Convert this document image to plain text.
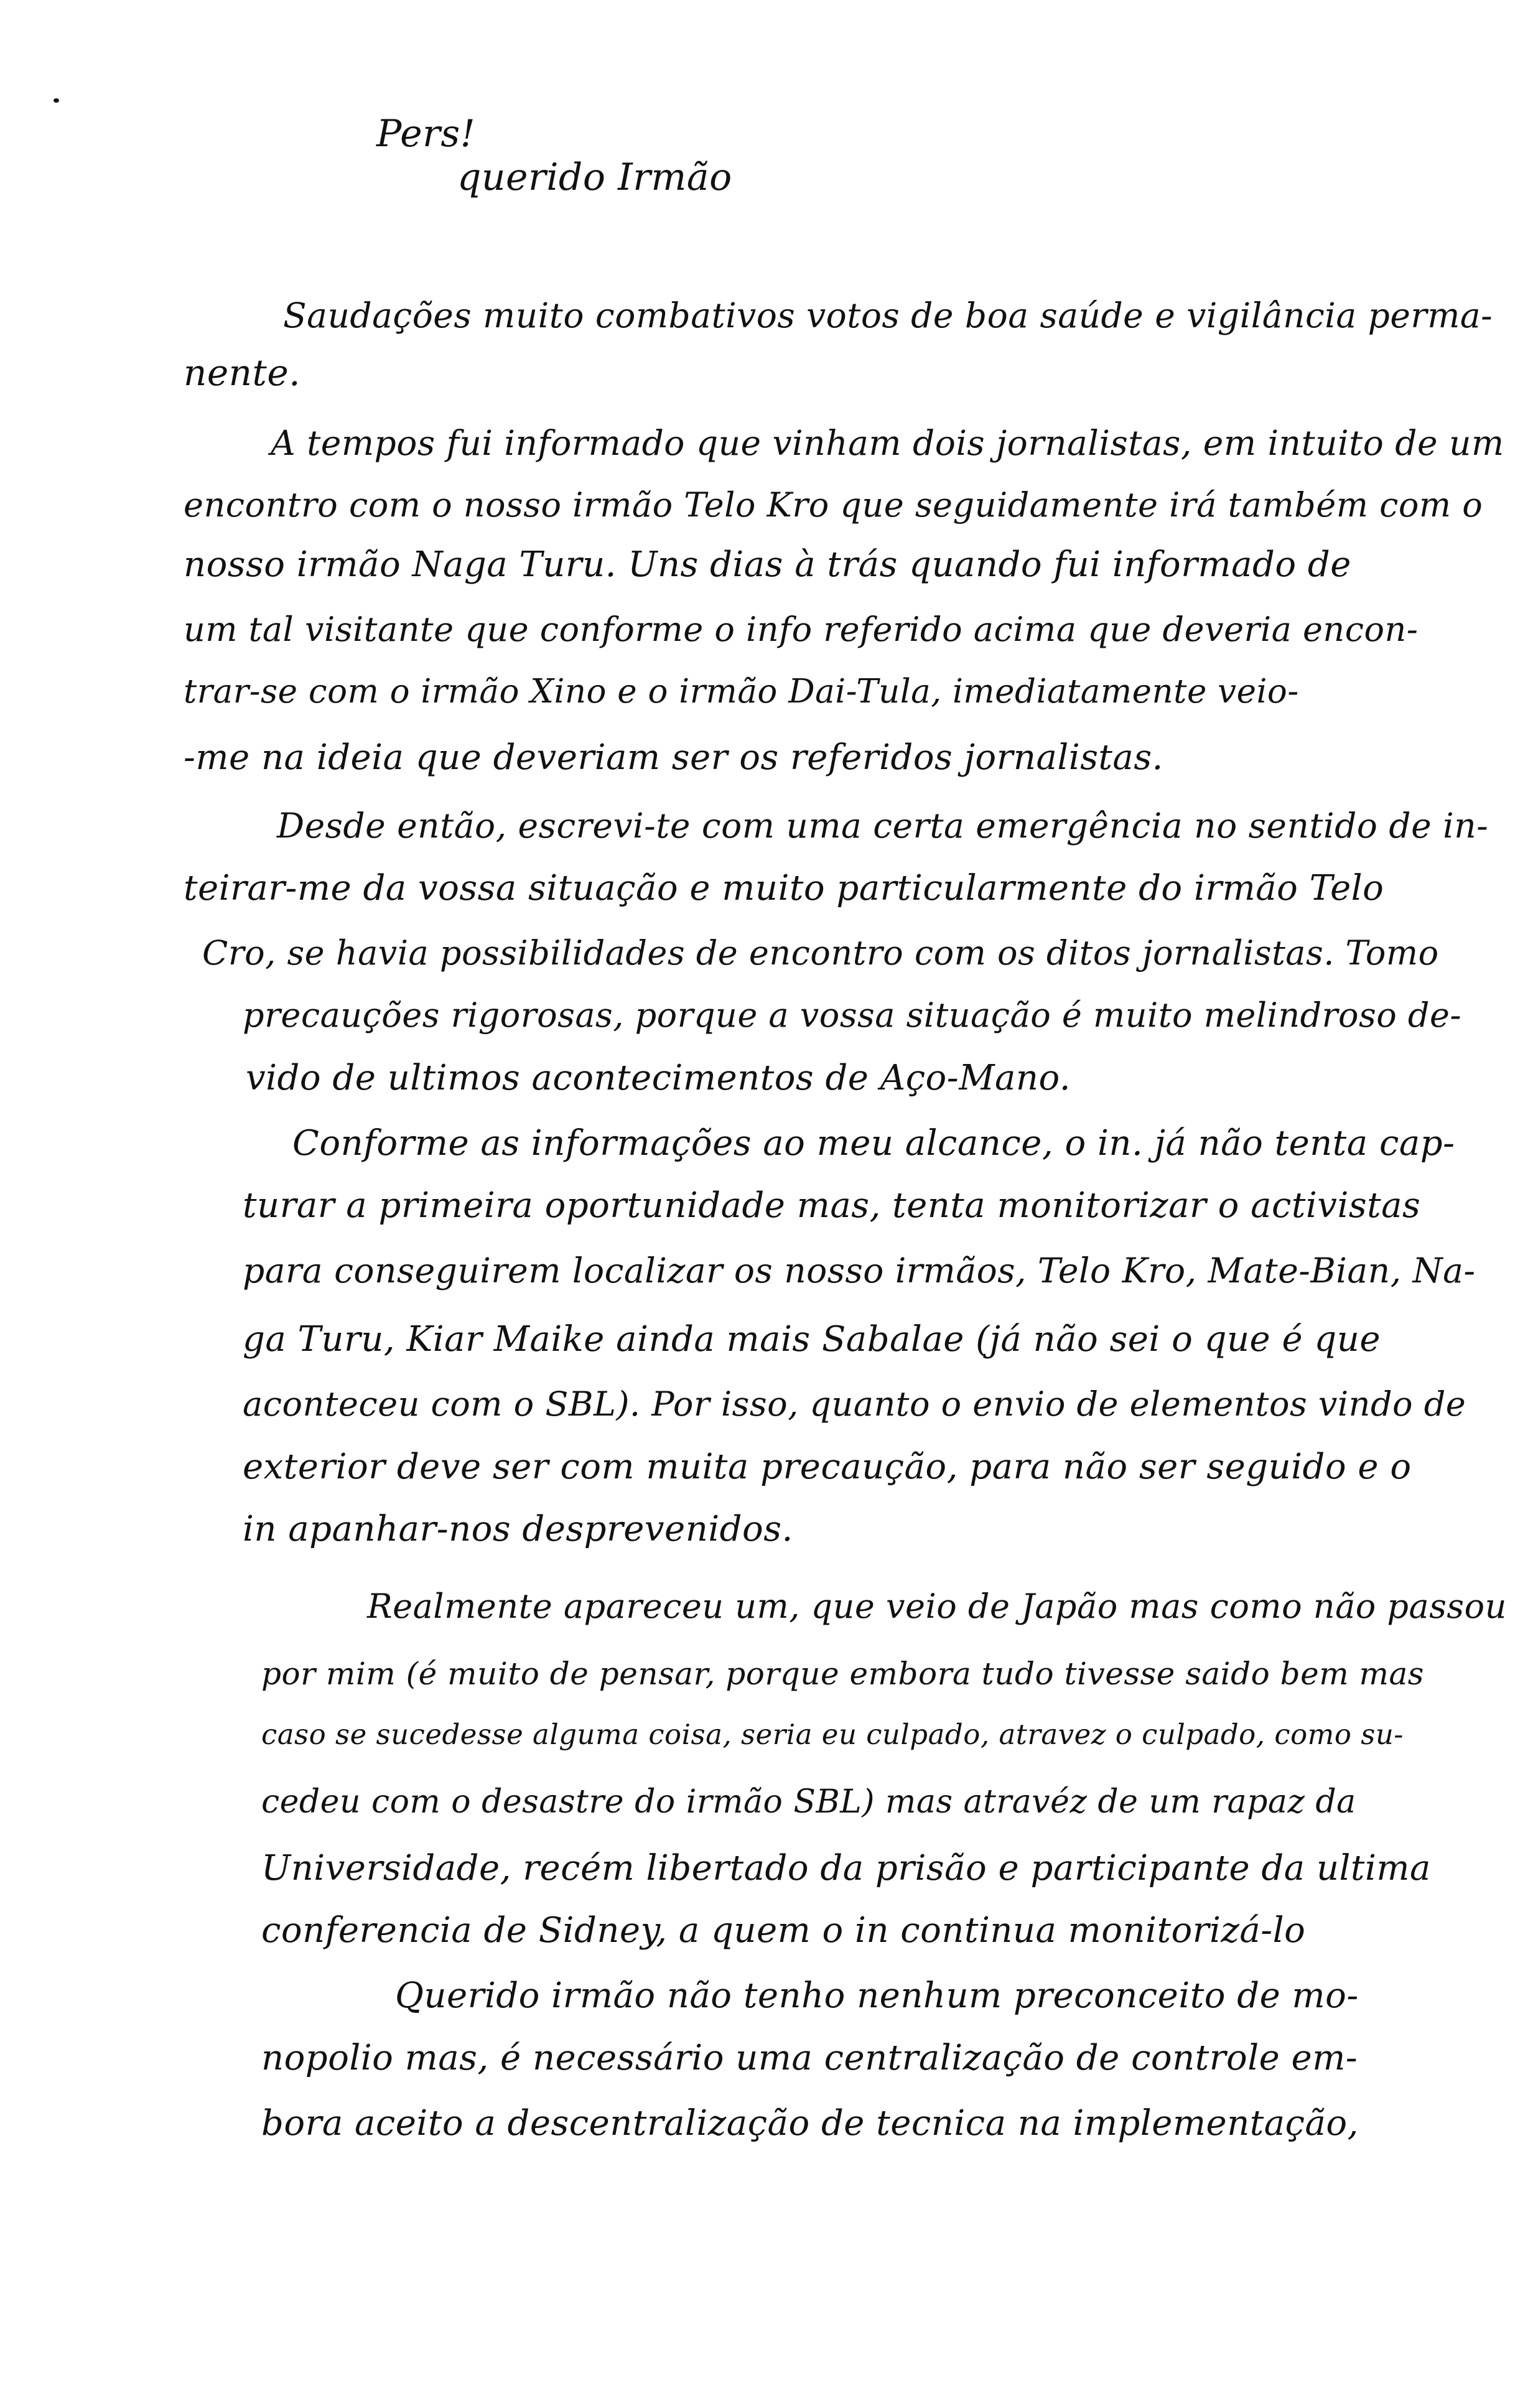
Pers!
querido Irmão
Saudações muito combativos votos de boa saúde e vigilância perma-
nente.
A tempos fui informado que vinham dois jornalistas, em intuito de um
encontro com o nosso irmão Telo Kro que seguidamente irá também com o
nosso irmão Naga Turu. Uns dias à trás quando fui informado de
um tal visitante que conforme o info referido acima que deveria encon-
trar-se com o irmão Xino e o irmão Dai-Tula, imediatamente veio-
-me na ideia que deveriam ser os referidos jornalistas.
Desde então, escrevi-te com uma certa emergência no sentido de in-
teirar-me da vossa situação e muito particularmente do irmão Telo
Cro, se havia possibilidades de encontro com os ditos jornalistas. Tomo
precauções rigorosas, porque a vossa situação é muito melindroso de-
vido de ultimos acontecimentos de Aço-Mano.
Conforme as informações ao meu alcance, o in. já não tenta cap-
turar a primeira oportunidade mas, tenta monitorizar o activistas
para conseguirem localizar os nosso irmãos, Telo Kro, Mate-Bian, Na-
ga Turu, Kiar Maike ainda mais Sabalae (já não sei o que é que
aconteceu com o SBL). Por isso, quanto o envio de elementos vindo de
exterior deve ser com muita precaução, para não ser seguido e o
in apanhar-nos desprevenidos.
Realmente apareceu um, que veio de Japão mas como não passou
por mim (é muito de pensar, porque embora tudo tivesse saido bem mas
caso se sucedesse alguma coisa, seria eu culpado, atravez o culpado, como su-
cedeu com o desastre do irmão SBL) mas atravéz de um rapaz da
Universidade, recém libertado da prisão e participante da ultima
conferencia de Sidney, a quem o in continua monitorizá-lo
Querido irmão não tenho nenhum preconceito de mo-
nopolio mas, é necessário uma centralização de controle em-
bora aceito a descentralização de tecnica na implementação,
